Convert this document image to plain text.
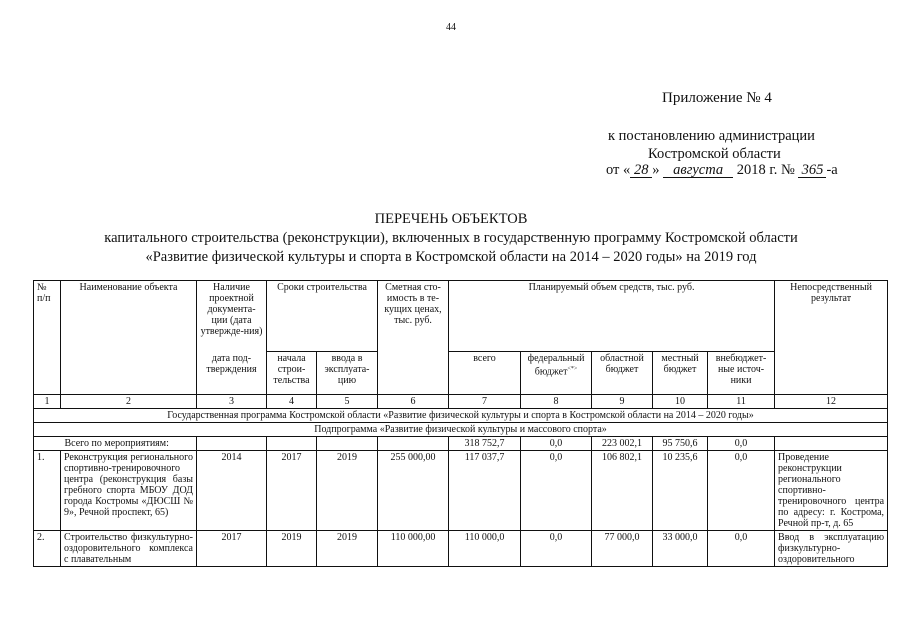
44
Приложение № 4
к постановлению администрации
Костромской области
от « 28 » августа 2018 г. № 365 -а
ПЕРЕЧЕНЬ ОБЪЕКТОВ
капитального строительства (реконструкции), включенных в государственную программу Костромской области
«Развитие физической культуры и спорта в Костромской области на 2014 – 2020 годы» на 2019 год
№ п/п	Наименование объекта	Наличие проектной документа-ции (дата утвержде-ния)	Сроки строительства		Сметная сто-имость в те-кущих ценах, тыс. руб.	Планируемый объем средств, тыс. руб.					Непосредственный результат
		дата под-тверждения	начала строи-тельства	ввода в эксплуата-цию		всего	федеральный бюджет<*>	областной бюджет	местный бюджет	внебюджет-ные источ-ники	
1	2	3	4	5	6	7	8	9	10	11	12
Государственная программа Костромской области «Развитие физической культуры и спорта в Костромской области на 2014 – 2020 годы»											
Подпрограмма «Развитие физической культуры и массового спорта»											
	Всего по мероприятиям:					318 752,7	0,0	223 002,1	95 750,6	0,0	
1.	Реконструкция регионального спортивно-тренировочного центра (реконструкция базы гребного спорта МБОУ ДОД города Костромы «ДЮСШ № 9», Речной проспект, 65)	2014	2017	2019	255 000,00	117 037,7	0,0	106 802,1	10 235,6	0,0	Проведение реконструкции регионального спортивно-тренировочного центра по адресу: г. Кострома, Речной пр-т, д. 65
2.	Строительство физкультурно-оздоровительного комплекса с плавательным	2017	2019	2019	110 000,00	110 000,0	0,0	77 000,0	33 000,0	0,0	Ввод в эксплуатацию физкультурно-оздоровительного
